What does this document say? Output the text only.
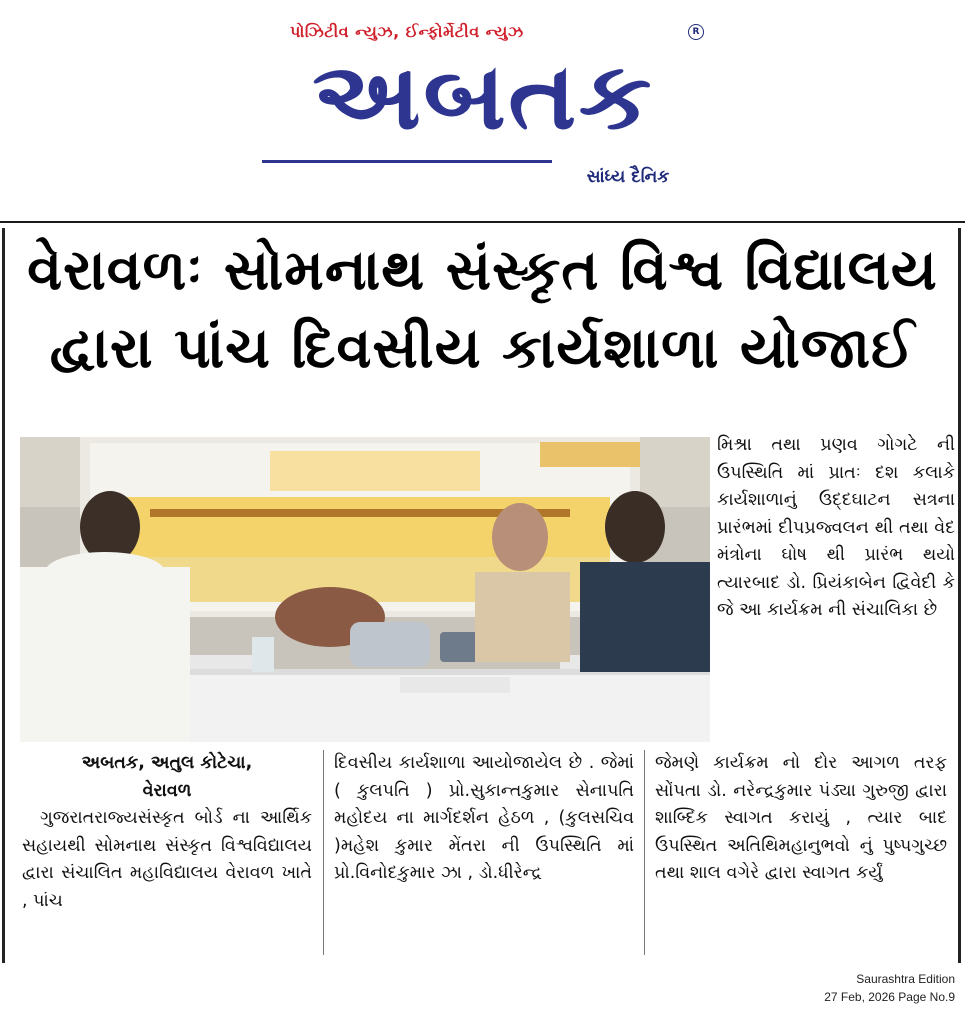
પોઝિટીવ ન્યુઝ, ઈન્ફોર્મેટીવ ન્યુઝ	R
અબતક
સાંધ્ય દૈનિક
વેરાવળઃ સોમનાથ સંસ્કૃત વિશ્વ વિદ્યાલય
દ્વારા પાંચ દિવસીય કાર્યશાળા યોજાઈ

મિશ્રા તથા પ્રણવ ગોગટે ની ઉપસ્થિતિ માં પ્રાતઃ દશ કલાકે કાર્યશાળાનું ઉદ્દઘાટન સત્રના પ્રારંભમાં દીપપ્રજ્વલન થી તથા વેદ મંત્રોના ઘોષ થી પ્રારંભ થયો ત્યારબાદ ડો. પ્રિયંકાબેન દ્વિવેદી કે જે આ કાર્યક્રમ ની સંચાલિકા છે

અબતક, અતુલ કોટેચા,

વેરાવળ

ગુજરાતરાજ્યસંસ્કૃત બોર્ડ ના આર્થિક સહાયથી સોમનાથ સંસ્કૃત વિશ્વવિદ્યાલય દ્વારા સંચાલિત મહાવિદ્યાલય વેરાવળ ખાતે , પાંચ

દિવસીય કાર્યશાળા આયોજાયેલ છે . જેમાં ( કુલપતિ ) પ્રો.સુકાન્તકુમાર સેનાપતિ મહોદય ના માર્ગદર્શન હેઠળ , (કુલસચિવ )મહેશ કુમાર મેંતરા ની ઉપસ્થિતિ માં પ્રો.વિનોદકુમાર ઝા , ડો.ધીરેન્દ્ર

જેમણે કાર્યક્રમ નો દોર આગળ તરફ સોંપતા ડો. નરેન્દ્રકુમાર પંડ્યા ગુરુજી દ્વારા શાબ્દિક સ્વાગત કરાયું , ત્યાર બાદ ઉપસ્થિત અતિથિમહાનુભવો નું પુષ્પગુચ્છ તથા શાલ વગેરે દ્વારા સ્વાગત કર્યું

Saurashtra Edition
27 Feb, 2026 Page No.9
